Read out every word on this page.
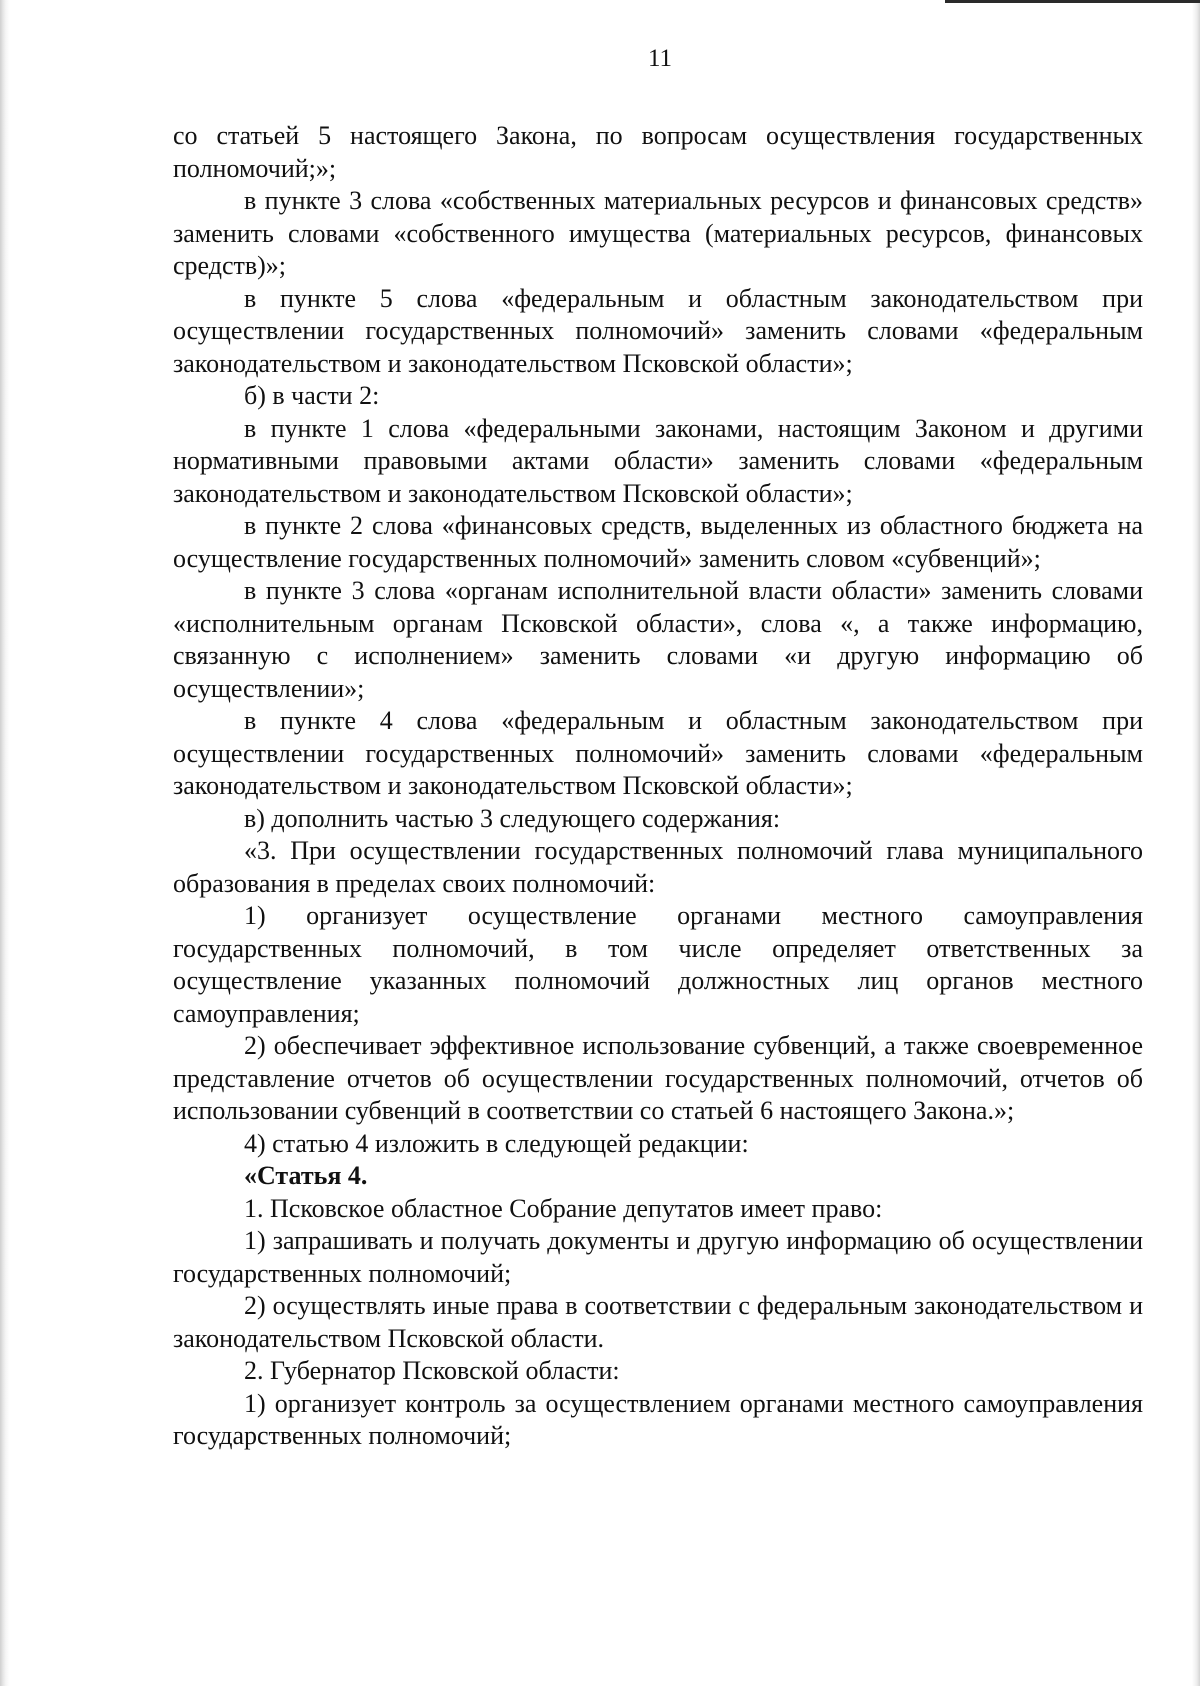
11

со статьей 5 настоящего Закона, по вопросам осуществления государственных полномочий;»;

в пункте 3 слова «собственных материальных ресурсов и финансовых средств» заменить словами «собственного имущества (материальных ресурсов, финансовых средств)»;

в пункте 5 слова «федеральным и областным законодательством при осуществлении государственных полномочий» заменить словами «федеральным законодательством и законодательством Псковской области»;

б) в части 2:

в пункте 1 слова «федеральными законами, настоящим Законом и другими нормативными правовыми актами области» заменить словами «федеральным законодательством и законодательством Псковской области»;

в пункте 2 слова «финансовых средств, выделенных из областного бюджета на осуществление государственных полномочий» заменить словом «субвенций»;

в пункте 3 слова «органам исполнительной власти области» заменить словами «исполнительным органам Псковской области», слова «, а также информацию, связанную с исполнением» заменить словами «и другую информацию об осуществлении»;

в пункте 4 слова «федеральным и областным законодательством при осуществлении государственных полномочий» заменить словами «федеральным законодательством и законодательством Псковской области»;

в) дополнить частью 3 следующего содержания:

«3. При осуществлении государственных полномочий глава муниципального образования в пределах своих полномочий:

1) организует осуществление органами местного самоуправления государственных полномочий, в том числе определяет ответственных за осуществление указанных полномочий должностных лиц органов местного самоуправления;

2) обеспечивает эффективное использование субвенций, а также своевременное представление отчетов об осуществлении государственных полномочий, отчетов об использовании субвенций в соответствии со статьей 6 настоящего Закона.»;

4) статью 4 изложить в следующей редакции:

«Статья 4.

1. Псковское областное Собрание депутатов имеет право:

1) запрашивать и получать документы и другую информацию об осуществлении государственных полномочий;

2) осуществлять иные права в соответствии с федеральным законодательством и законодательством Псковской области.

2. Губернатор Псковской области:

1) организует контроль за осуществлением органами местного самоуправления государственных полномочий;
